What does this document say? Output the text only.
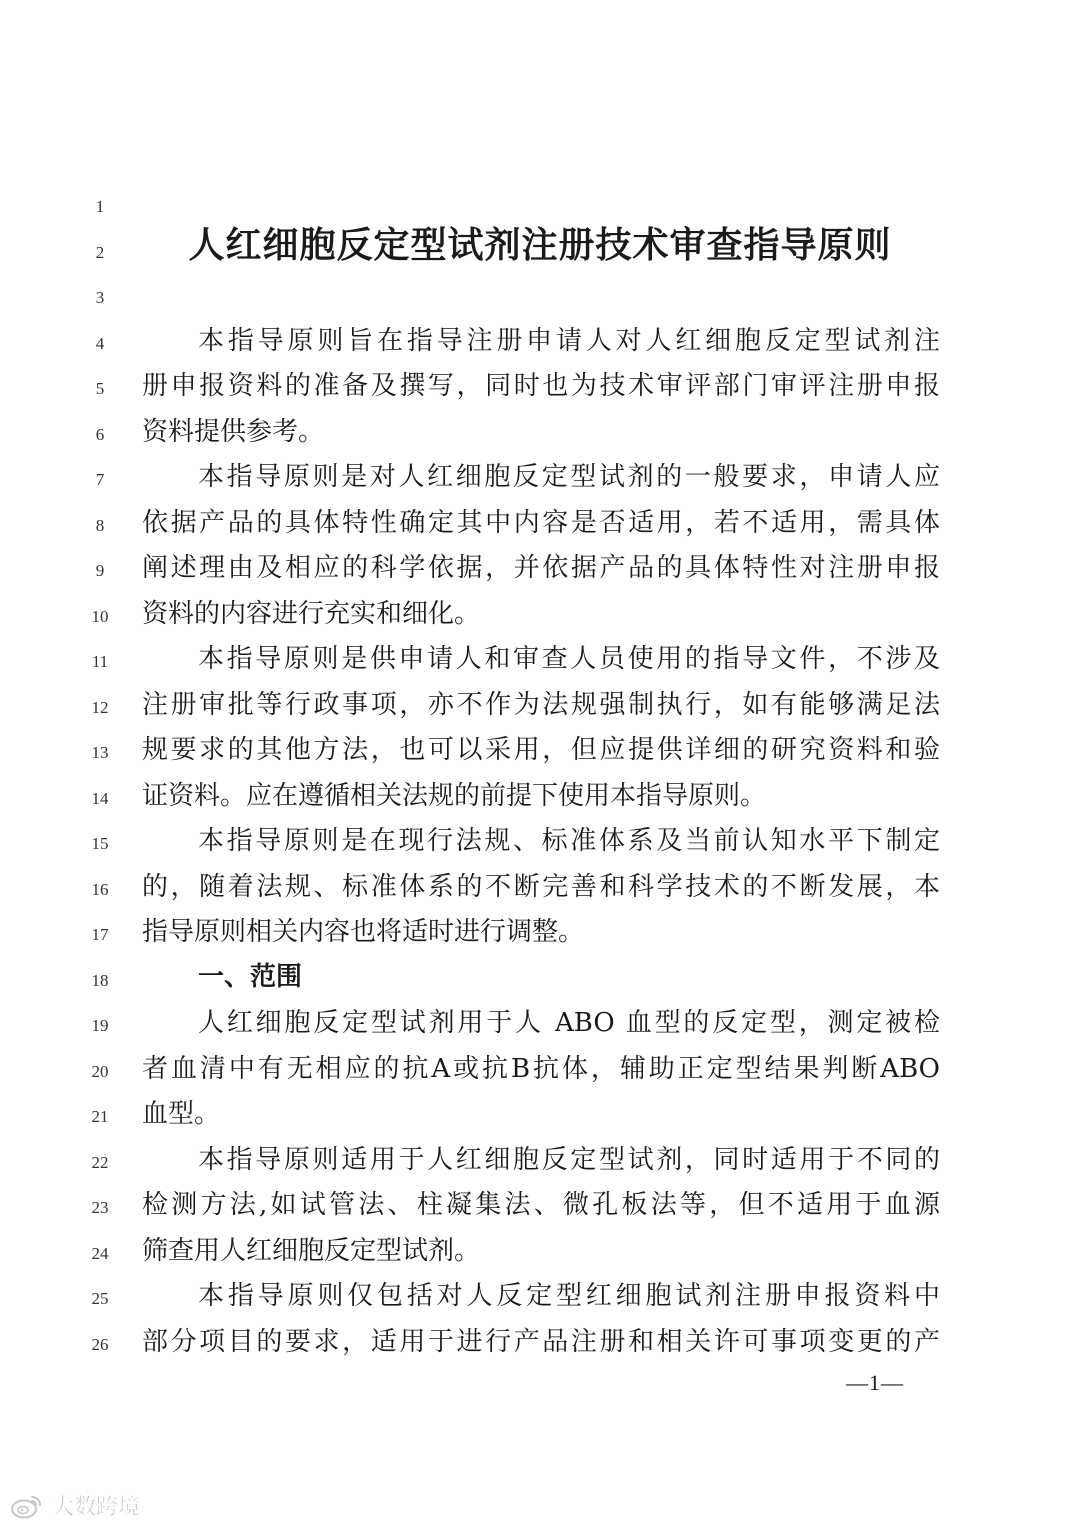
人红细胞反定型试剂注册技术审查指导原则
1
2
3
4
5
6
7
8
9
10
11
12
13
14
15
16
17
18
19
20
21
22
23
24
25
26
本指导原则旨在指导注册申请人对人红细胞反定型试剂注
册申报资料的准备及撰写，同时也为技术审评部门审评注册申报
资料提供参考。
本指导原则是对人红细胞反定型试剂的一般要求，申请人应
依据产品的具体特性确定其中内容是否适用，若不适用，需具体
阐述理由及相应的科学依据，并依据产品的具体特性对注册申报
资料的内容进行充实和细化。
本指导原则是供申请人和审查人员使用的指导文件，不涉及
注册审批等行政事项，亦不作为法规强制执行，如有能够满足法
规要求的其他方法，也可以采用，但应提供详细的研究资料和验
证资料。应在遵循相关法规的前提下使用本指导原则。
本指导原则是在现行法规、标准体系及当前认知水平下制定
的，随着法规、标准体系的不断完善和科学技术的不断发展，本
指导原则相关内容也将适时进行调整。
人红细胞反定型试剂用于人 ABO 血型的反定型，测定被检
者血清中有无相应的抗A或抗B抗体，辅助正定型结果判断ABO
血型。
本指导原则适用于人红细胞反定型试剂，同时适用于不同的
检测方法,如试管法、柱凝集法、微孔板法等，但不适用于血源
筛查用人红细胞反定型试剂。
本指导原则仅包括对人反定型红细胞试剂注册申报资料中
部分项目的要求，适用于进行产品注册和相关许可事项变更的产
一、范围
—1—
大数跨境
